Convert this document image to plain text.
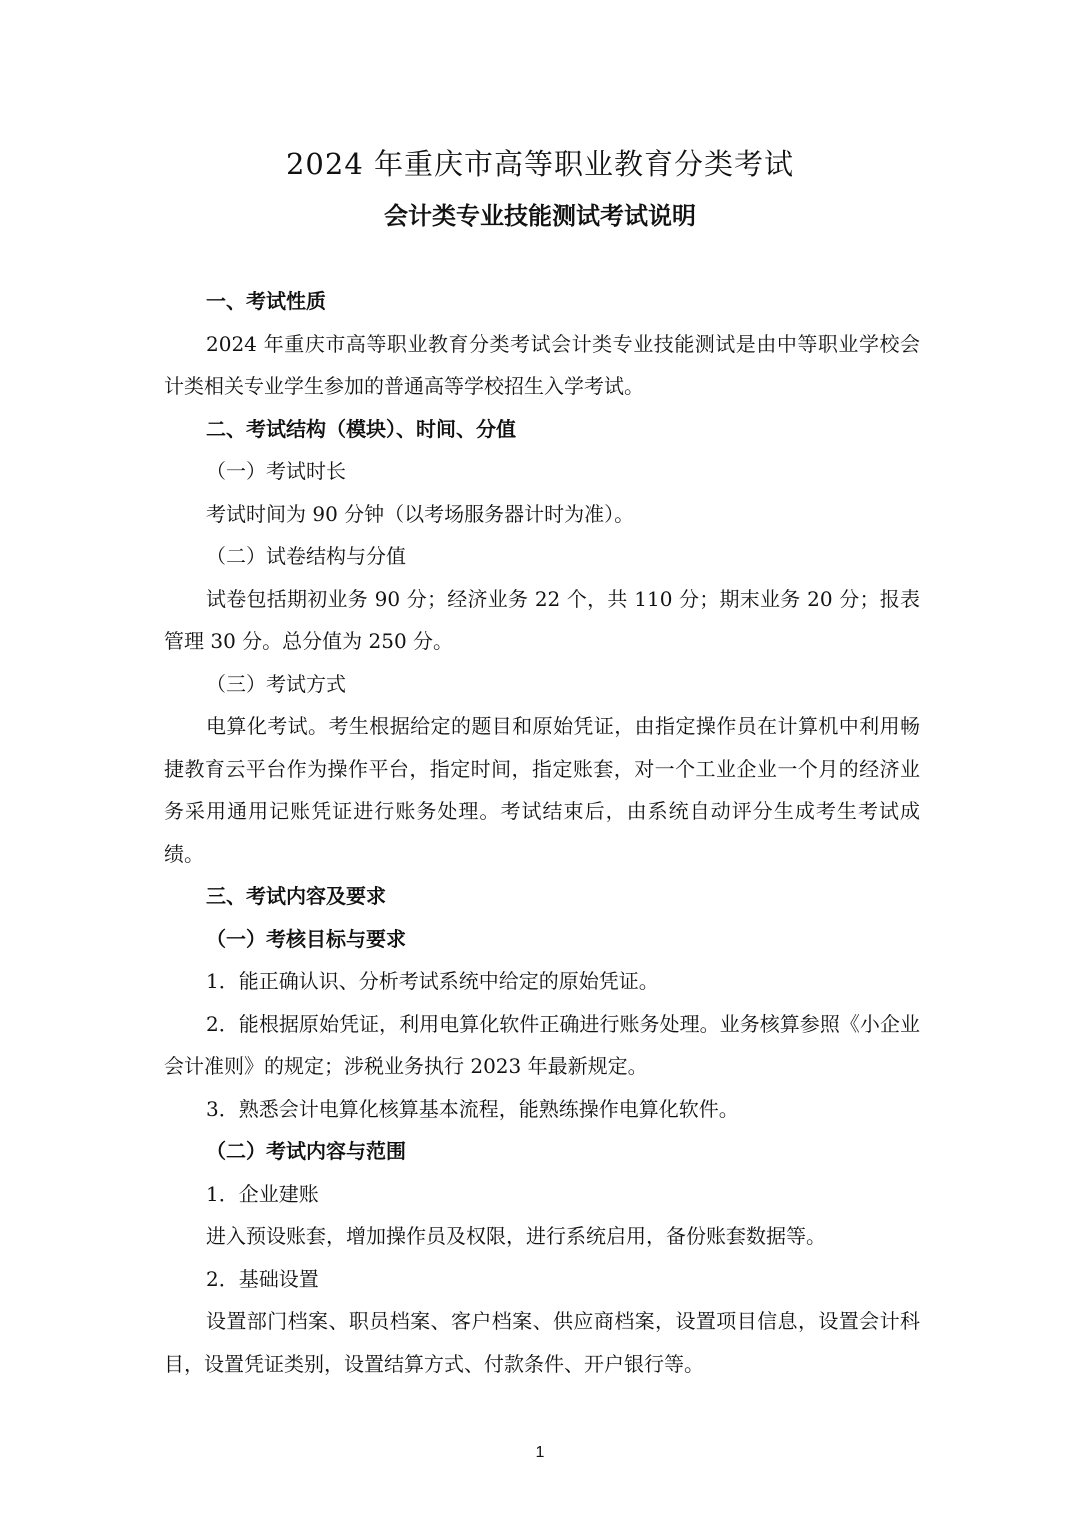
2024 年重庆市高等职业教育分类考试
会计类专业技能测试考试说明

一、考试性质

2024 年重庆市高等职业教育分类考试会计类专业技能测试是由中等职业学校会计类相关专业学生参加的普通高等学校招生入学考试。

二、考试结构（模块）、时间、分值

（一）考试时长

考试时间为 90 分钟（以考场服务器计时为准）。

（二）试卷结构与分值

试卷包括期初业务 90 分；经济业务 22 个，共 110 分；期末业务 20 分；报表管理 30 分。总分值为 250 分。

（三）考试方式

电算化考试。考生根据给定的题目和原始凭证，由指定操作员在计算机中利用畅捷教育云平台作为操作平台，指定时间，指定账套，对一个工业企业一个月的经济业务采用通用记账凭证进行账务处理。考试结束后，由系统自动评分生成考生考试成绩。

三、考试内容及要求

（一）考核目标与要求

1．能正确认识、分析考试系统中给定的原始凭证。

2．能根据原始凭证，利用电算化软件正确进行账务处理。业务核算参照《小企业会计准则》的规定；涉税业务执行 2023 年最新规定。

3．熟悉会计电算化核算基本流程，能熟练操作电算化软件。

（二）考试内容与范围

1．企业建账

进入预设账套，增加操作员及权限，进行系统启用，备份账套数据等。

2．基础设置

设置部门档案、职员档案、客户档案、供应商档案，设置项目信息，设置会计科目，设置凭证类别，设置结算方式、付款条件、开户银行等。

1
